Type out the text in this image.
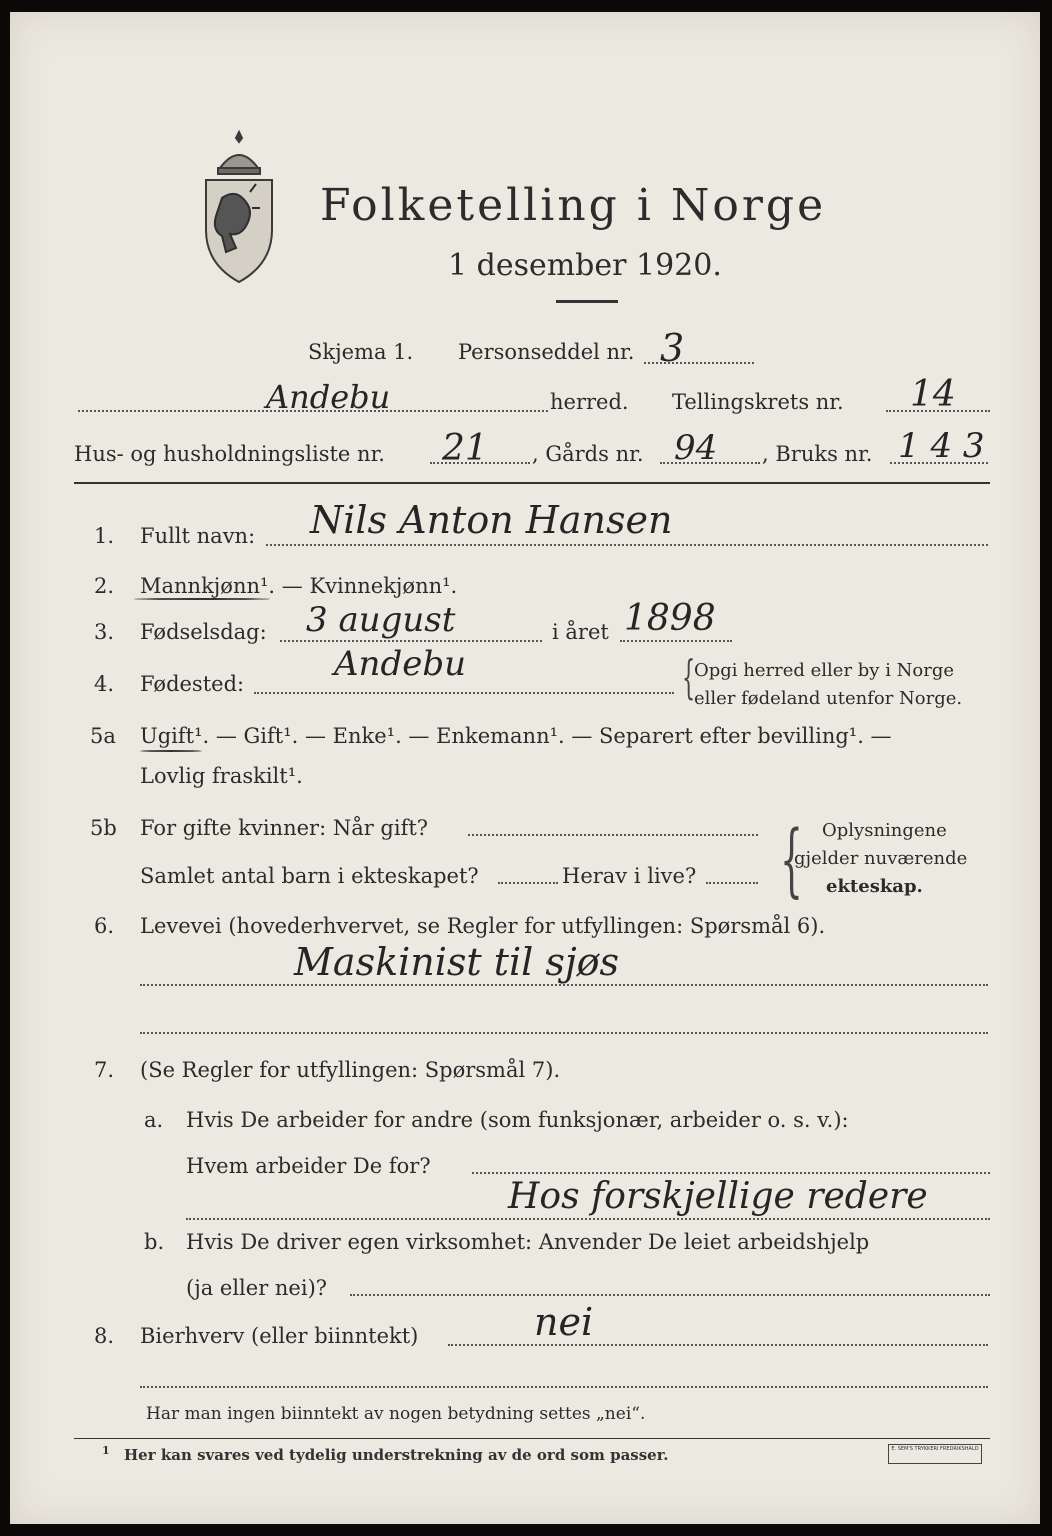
Folketelling i Norge
1 desember 1920.
Skjema 1. Personseddel nr. 3
Andebu	herred. Tellingskrets nr. 14
Hus- og husholdningsliste nr. 21 , Gårds nr. 94 , Bruks nr. 1 4 3
1. Fullt navn: Nils Anton Hansen
2. Mannkjønn¹. — Kvinnekjønn¹.
3. Fødselsdag: 3 august	i året 1898
4. Fødested:	Andebu	{
Opgi herred eller by i Norge
eller fødeland utenfor Norge.
5a Ugift¹. — Gift¹. — Enke¹. — Enkemann¹. — Separert efter bevilling¹. —
Lovlig fraskilt¹.
5b For gifte kvinner: Når gift?
Samlet antal barn i ekteskapet?	Herav i live? { Oplysningene
gjelder nuværende
ekteskap.
6. Levevei (hovederhvervet, se Regler for utfyllingen: Spørsmål 6).
Maskinist til sjøs
7. (Se Regler for utfyllingen: Spørsmål 7).
a. Hvis De arbeider for andre (som funksjonær, arbeider o. s. v.):
Hvem arbeider De for?
Hos forskjellige redere
b. Hvis De driver egen virksomhet: Anvender De leiet arbeidshjelp
(ja eller nei)?
8. Bierhverv (eller biinntekt)	nei
Har man ingen biinntekt av nogen betydning settes „nei“.
1 Her kan svares ved tydelig understrekning av de ord som passer.	E. SEM'S TRYKKERI FREDRIKSHALD
